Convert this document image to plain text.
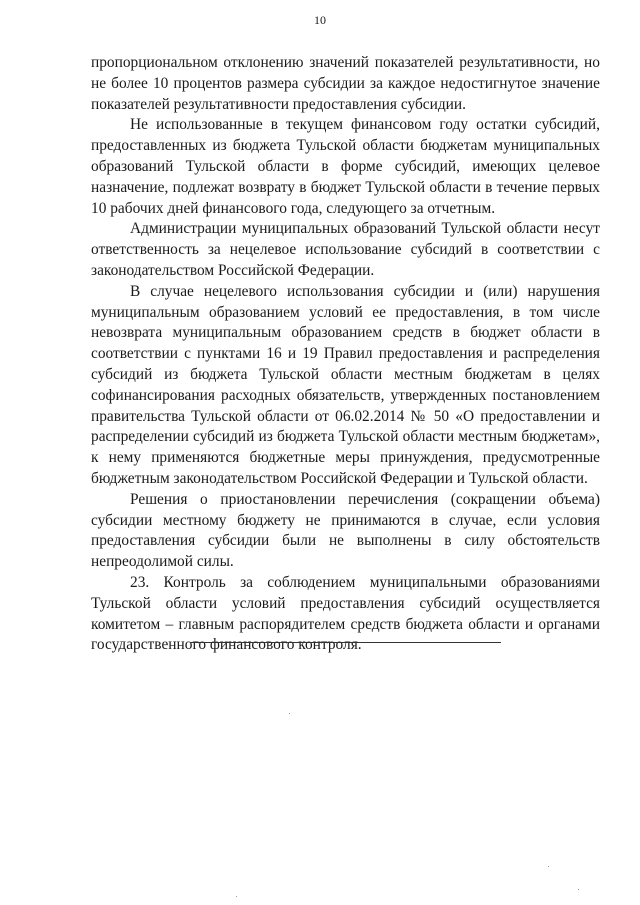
10

пропорциональном отклонению значений показателей результативности, но не более 10 процентов размера субсидии за каждое недостигнутое значение показателей результативности предоставления субсидии.

Не использованные в текущем финансовом году остатки субсидий, предоставленных из бюджета Тульской области бюджетам муниципальных образований Тульской области в форме субсидий, имеющих целевое назначение, подлежат возврату в бюджет Тульской области в течение первых 10 рабочих дней финансового года, следующего за отчетным.

Администрации муниципальных образований Тульской области несут ответственность за нецелевое использование субсидий в соответствии с законодательством Российской Федерации.

В случае нецелевого использования субсидии и (или) нарушения муниципальным образованием условий ее предоставления, в том числе невозврата муниципальным образованием средств в бюджет области в соответствии с пунктами 16 и 19 Правил предоставления и распределения субсидий из бюджета Тульской области местным бюджетам в целях софинансирования расходных обязательств, утвержденных постановлением правительства Тульской области от 06.02.2014 № 50 «О предоставлении и распределении субсидий из бюджета Тульской области местным бюджетам», к нему применяются бюджетные меры принуждения, предусмотренные бюджетным законодательством Российской Федерации и Тульской области.

Решения о приостановлении перечисления (сокращении объема) субсидии местному бюджету не принимаются в случае, если условия предоставления субсидии были не выполнены в силу обстоятельств непреодолимой силы.

23. Контроль за соблюдением муниципальными образованиями Тульской области условий предоставления субсидий осуществляется комитетом – главным распорядителем средств бюджета области и органами государственного финансового контроля.
